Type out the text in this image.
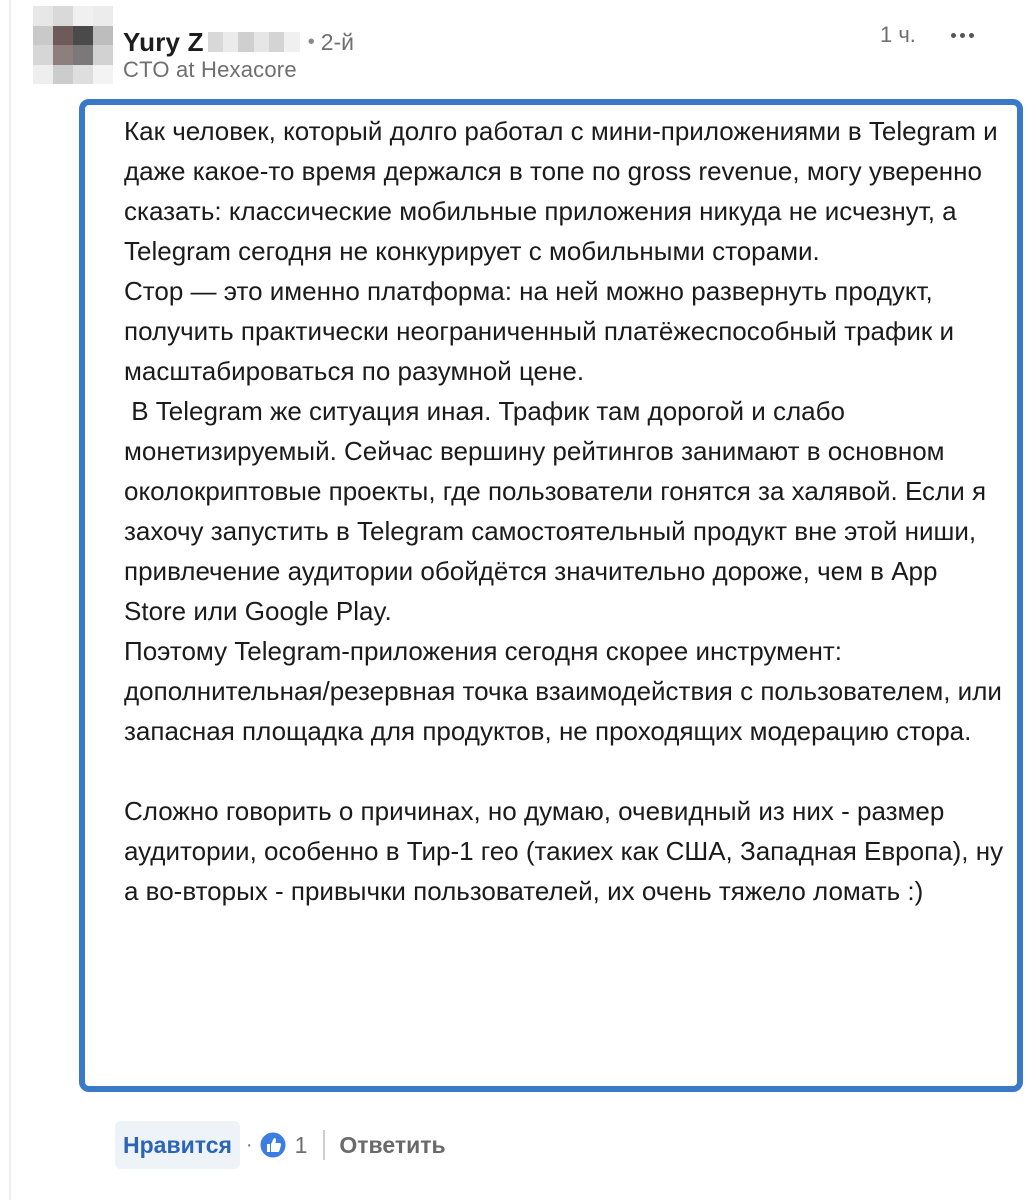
Yury Z	• 2-й
CTO at Hexacore
1 ч.

Как человек, который долго работал с мини-приложениями в Telegram и даже какое-то время держался в топе по gross revenue, могу уверенно сказать: классические мобильные приложения никуда не исчезнут, а Telegram сегодня не конкурирует с мобильными сторами.

Стор — это именно платформа: на ней можно развернуть продукт, получить практически неограниченный платёжеспособный трафик и масштабироваться по разумной цене.

В Telegram же ситуация иная. Трафик там дорогой и слабо монетизируемый. Сейчас вершину рейтингов занимают в основном околокриптовые проекты, где пользователи гонятся за халявой. Если я захочу запустить в Telegram самостоятельный продукт вне этой ниши, привлечение аудитории обойдётся значительно дороже, чем в App Store или Google Play.

Поэтому Telegram-приложения сегодня скорее инструмент: дополнительная/резервная точка взаимодействия с пользователем, или запасная площадка для продуктов, не проходящих модерацию стора.

Сложно говорить о причинах, но думаю, очевидный из них - размер аудитории, особенно в Тир-1 гео (такиех как США, Западная Европа), ну а во-вторых - привычки пользователей, их очень тяжело ломать :)

Нравится · 1 Ответить
